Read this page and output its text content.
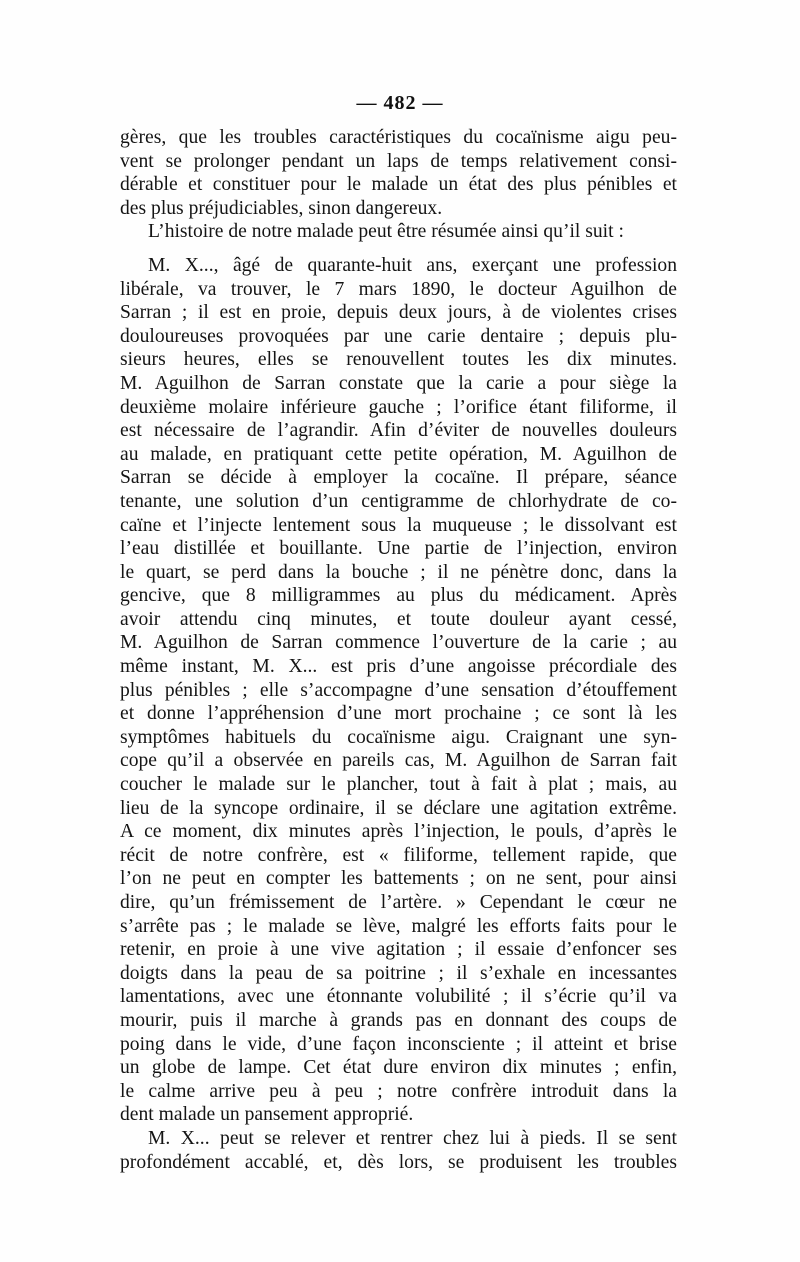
— 482 —
gères, que les troubles caractéristiques du cocaïnisme aigu peu-
vent se prolonger pendant un laps de temps relativement consi-
dérable et constituer pour le malade un état des plus pénibles et
des plus préjudiciables, sinon dangereux.
L’histoire de notre malade peut être résumée ainsi qu’il suit :
M. X..., âgé de quarante-huit ans, exerçant une profession
libérale, va trouver, le 7 mars 1890, le docteur Aguilhon de
Sarran ; il est en proie, depuis deux jours, à de violentes crises
douloureuses provoquées par une carie dentaire ; depuis plu-
sieurs heures, elles se renouvellent toutes les dix minutes.
M. Aguilhon de Sarran constate que la carie a pour siège la
deuxième molaire inférieure gauche ; l’orifice étant filiforme, il
est nécessaire de l’agrandir. Afin d’éviter de nouvelles douleurs
au malade, en pratiquant cette petite opération, M. Aguilhon de
Sarran se décide à employer la cocaïne. Il prépare, séance
tenante, une solution d’un centigramme de chlorhydrate de co-
caïne et l’injecte lentement sous la muqueuse ; le dissolvant est
l’eau distillée et bouillante. Une partie de l’injection, environ
le quart, se perd dans la bouche ; il ne pénètre donc, dans la
gencive, que 8 milligrammes au plus du médicament. Après
avoir attendu cinq minutes, et toute douleur ayant cessé,
M. Aguilhon de Sarran commence l’ouverture de la carie ; au
même instant, M. X... est pris d’une angoisse précordiale des
plus pénibles ; elle s’accompagne d’une sensation d’étouffement
et donne l’appréhension d’une mort prochaine ; ce sont là les
symptômes habituels du cocaïnisme aigu. Craignant une syn-
cope qu’il a observée en pareils cas, M. Aguilhon de Sarran fait
coucher le malade sur le plancher, tout à fait à plat ; mais, au
lieu de la syncope ordinaire, il se déclare une agitation extrême.
A ce moment, dix minutes après l’injection, le pouls, d’après le
récit de notre confrère, est « filiforme, tellement rapide, que
l’on ne peut en compter les battements ; on ne sent, pour ainsi
dire, qu’un frémissement de l’artère. » Cependant le cœur ne
s’arrête pas ; le malade se lève, malgré les efforts faits pour le
retenir, en proie à une vive agitation ; il essaie d’enfoncer ses
doigts dans la peau de sa poitrine ; il s’exhale en incessantes
lamentations, avec une étonnante volubilité ; il s’écrie qu’il va
mourir, puis il marche à grands pas en donnant des coups de
poing dans le vide, d’une façon inconsciente ; il atteint et brise
un globe de lampe. Cet état dure environ dix minutes ; enfin,
le calme arrive peu à peu ; notre confrère introduit dans la
dent malade un pansement approprié.
M. X... peut se relever et rentrer chez lui à pieds. Il se sent
profondément accablé, et, dès lors, se produisent les troubles
